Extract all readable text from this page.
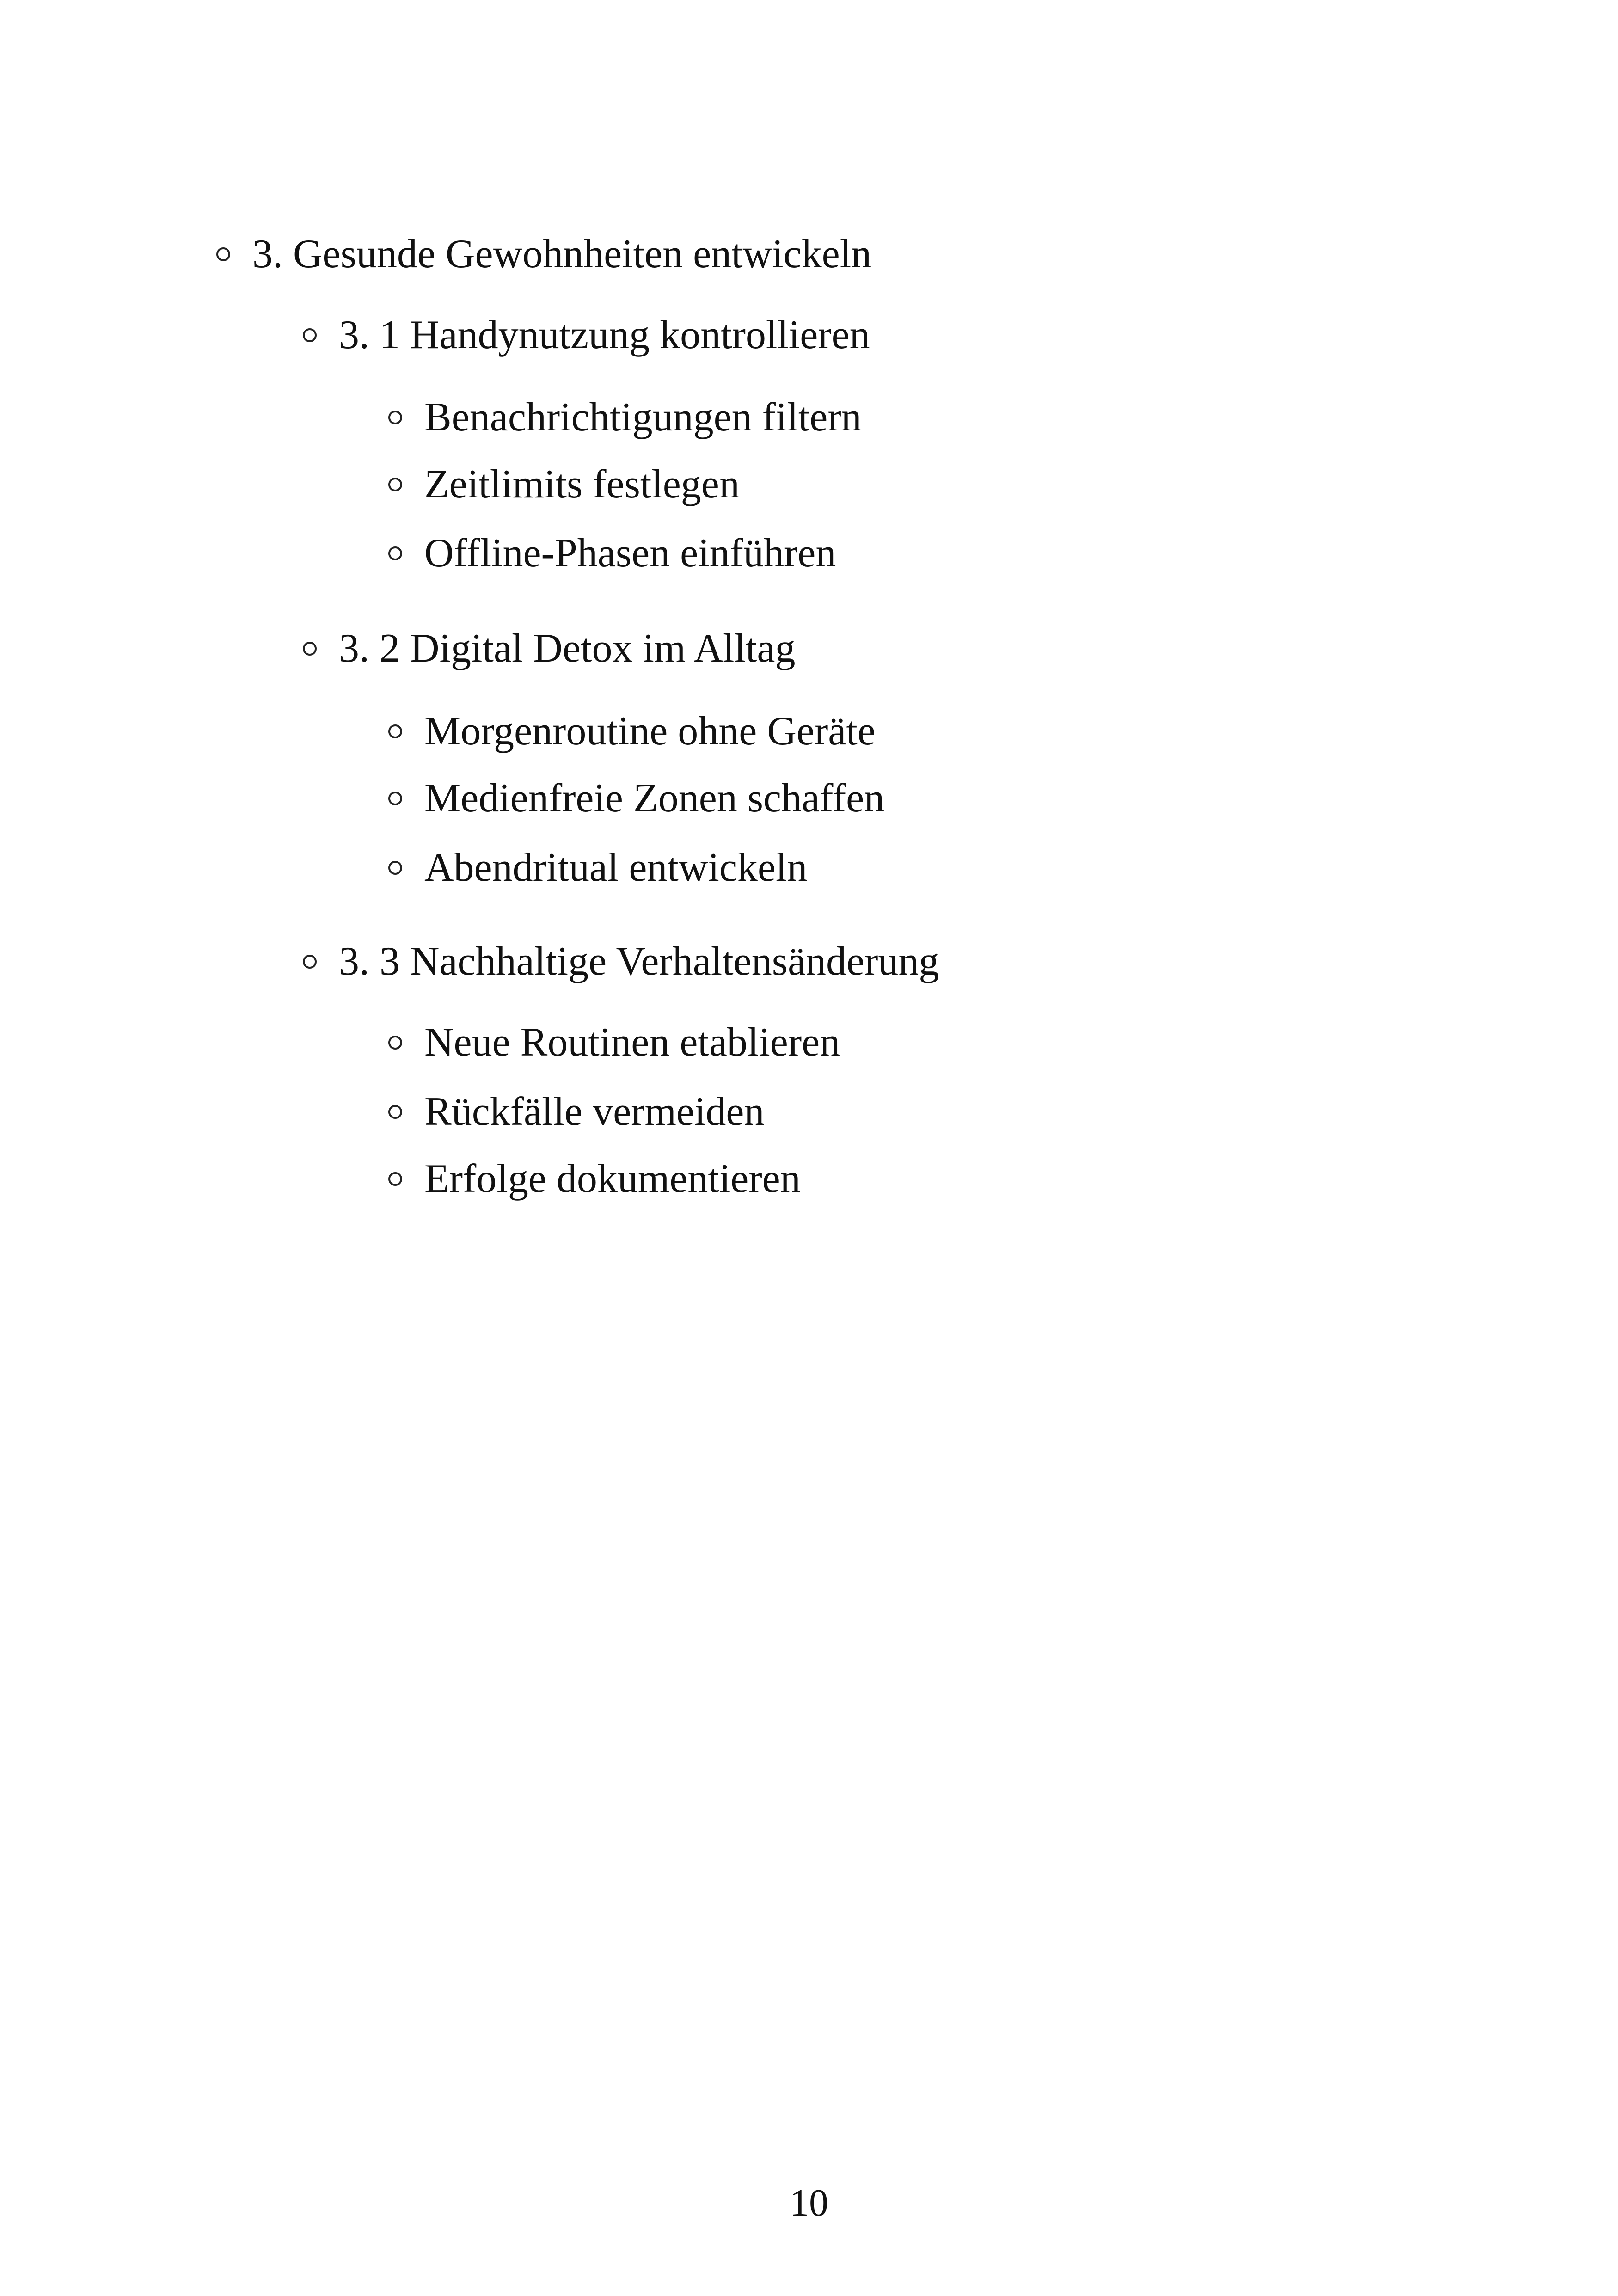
3. Gesunde Gewohnheiten entwickeln
3. 1 Handynutzung kontrollieren
Benachrichtigungen filtern
Zeitlimits festlegen
Offline-Phasen einführen
3. 2 Digital Detox im Alltag
Morgenroutine ohne Geräte
Medienfreie Zonen schaffen
Abendritual entwickeln
3. 3 Nachhaltige Verhaltensänderung
Neue Routinen etablieren
Rückfälle vermeiden
Erfolge dokumentieren
10
